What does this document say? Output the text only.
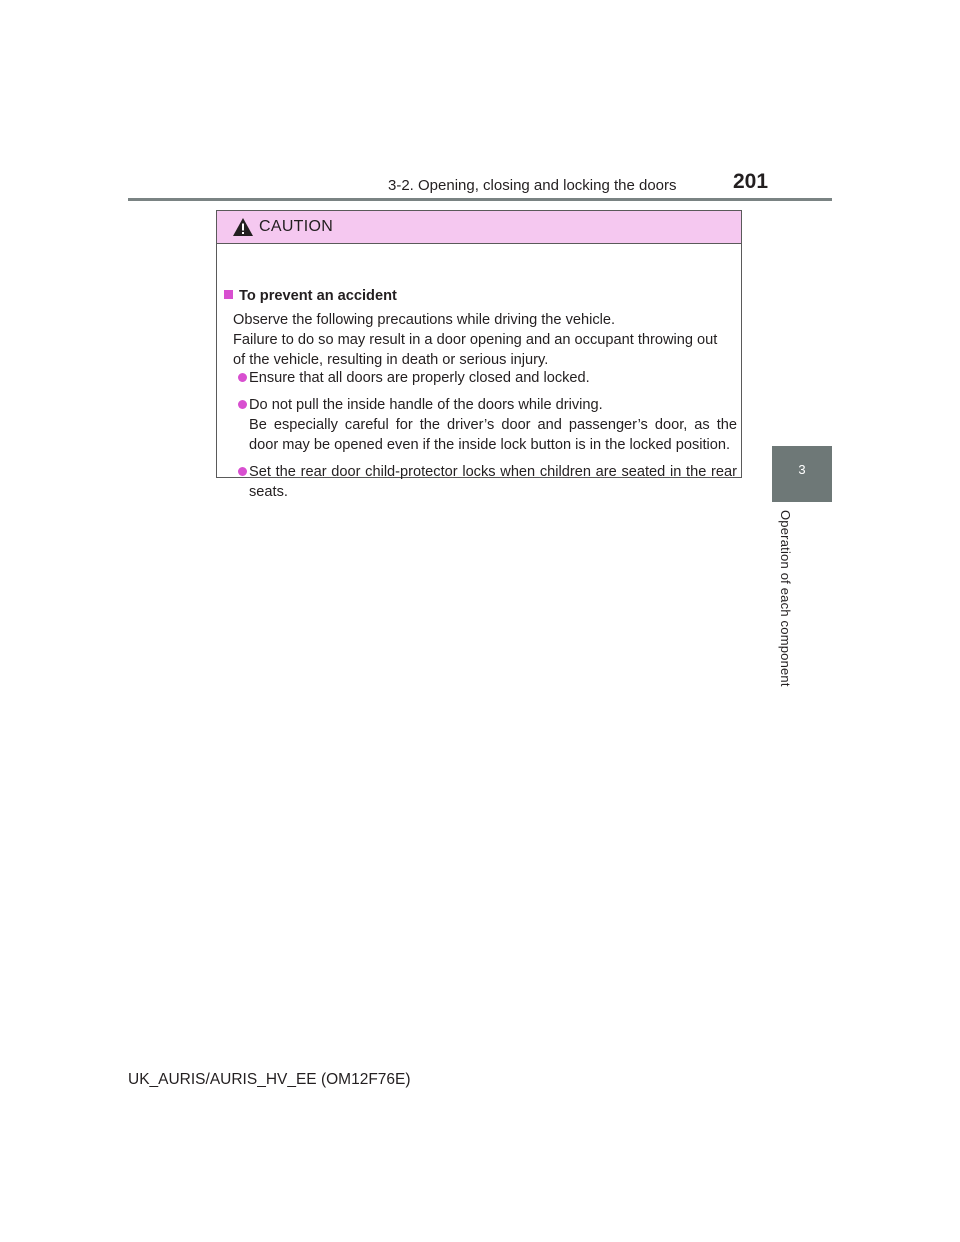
3-2. Opening, closing and locking the doors	201
3
Operation of each component
CAUTION
To prevent an accident
Observe the following precautions while driving the vehicle.
Failure to do so may result in a door opening and an occupant throwing out of the vehicle, resulting in death or serious injury.
Ensure that all doors are properly closed and locked.
Do not pull the inside handle of the doors while driving.
Be especially careful for the driver’s door and passenger’s door, as the door may be opened even if the inside lock button is in the locked position.
Set the rear door child-protector locks when children are seated in the rear seats.
UK_AURIS/AURIS_HV_EE (OM12F76E)
